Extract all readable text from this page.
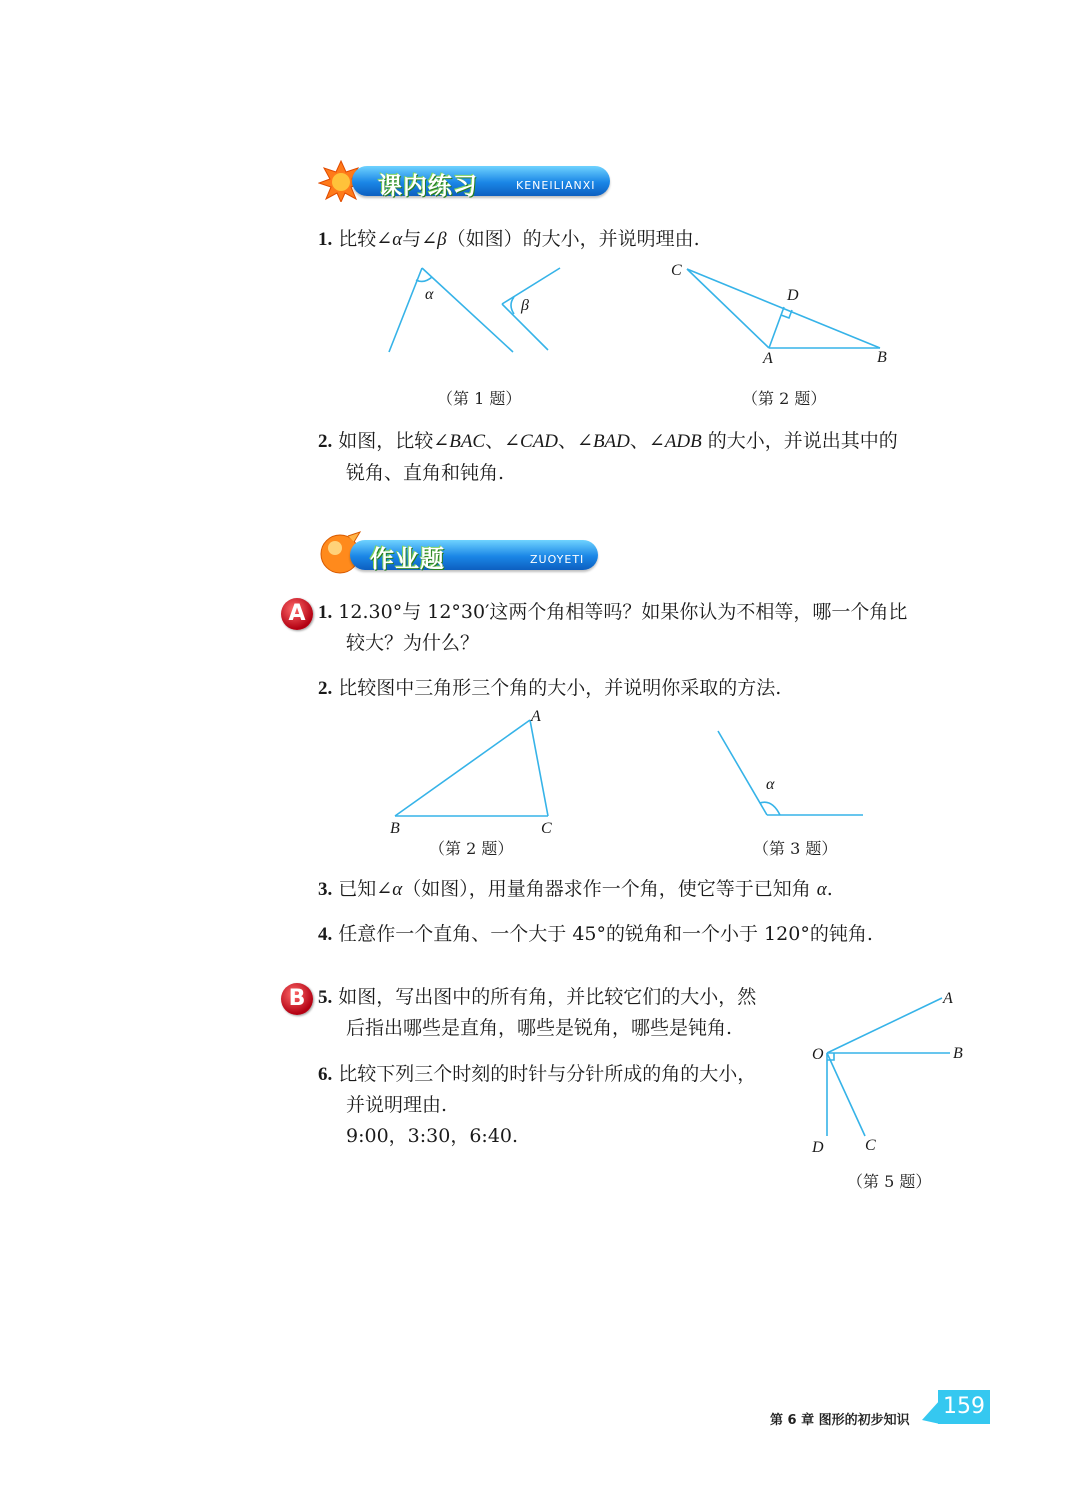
课内练习	KENEILIANXI
1. 比较∠α与∠β（如图）的大小，并说明理由.
α
β
（第 1 题）
C
D
A	B
（第 2 题）
2. 如图，比较∠BAC、∠CAD、∠BAD、∠ADB 的大小，并说出其中的
锐角、直角和钝角.
作业题	ZUOYETI
A 1. 12.30°与 12°30′这两个角相等吗？如果你认为不相等，哪一个角比
较大？为什么？
2. 比较图中三角形三个角的大小，并说明你采取的方法.
A
B	C
（第 2 题）
α
（第 3 题）
3. 已知∠α（如图），用量角器求作一个角，使它等于已知角 α.
4. 任意作一个直角、一个大于 45°的锐角和一个小于 120°的钝角.
B 5. 如图，写出图中的所有角，并比较它们的大小，然
后指出哪些是直角，哪些是锐角，哪些是钝角.
6. 比较下列三个时刻的时针与分针所成的角的大小，
并说明理由.
9:00，3:30，6:40.
O
A
B
C
D
（第 5 题）
第 6 章 图形的初步知识
159
